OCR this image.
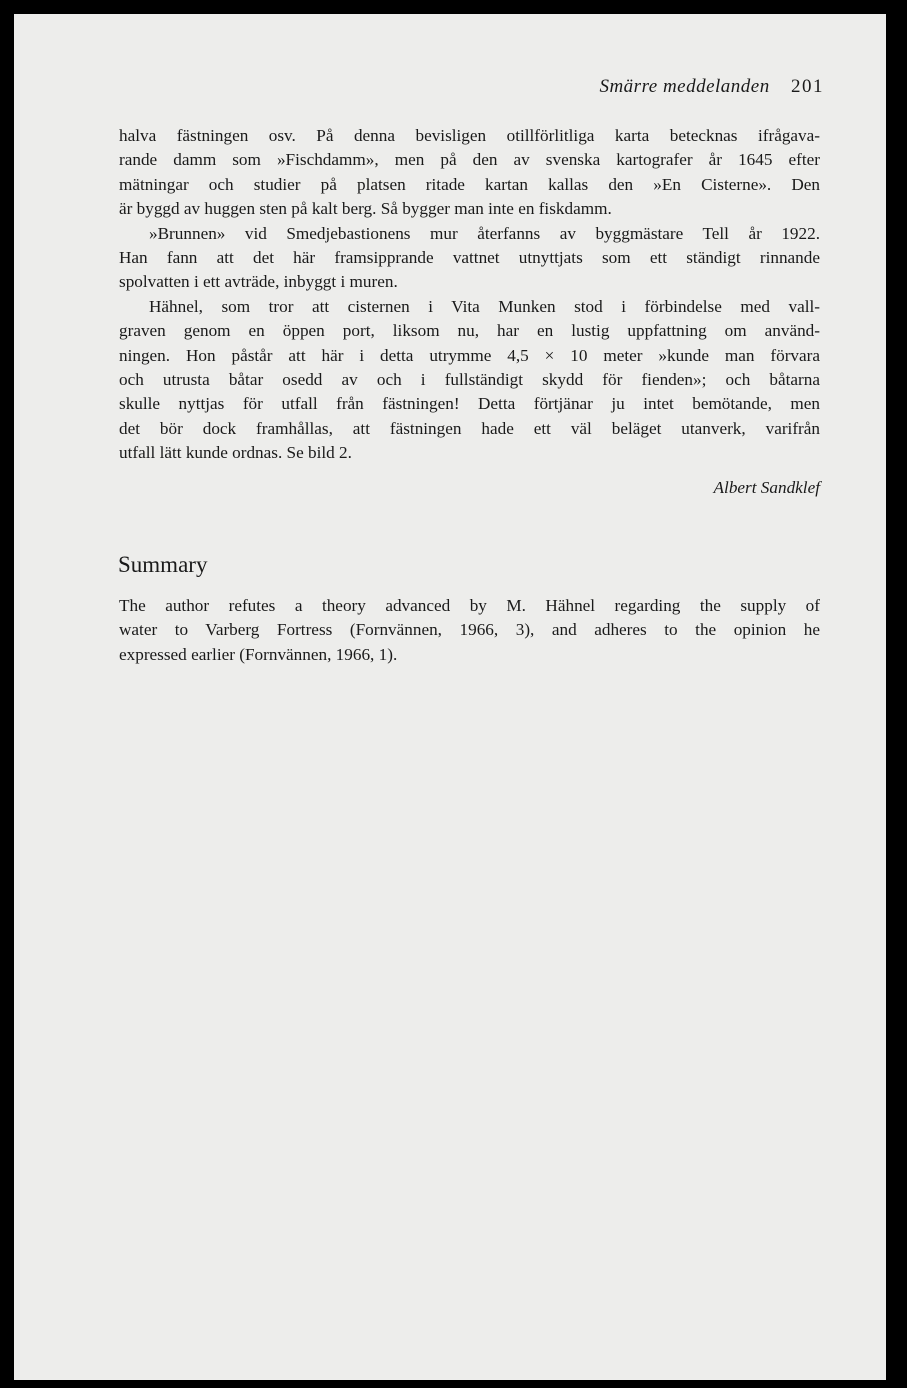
Smärre meddelanden 201

halva fästningen osv. På denna bevisligen otillförlitliga karta betecknas ifrågava-
rande damm som »Fischdamm», men på den av svenska kartografer år 1645 efter
mätningar och studier på platsen ritade kartan kallas den »En Cisterne». Den
är byggd av huggen sten på kalt berg. Så bygger man inte en fiskdamm.

»Brunnen» vid Smedjebastionens mur återfanns av byggmästare Tell år 1922.
Han fann att det här framsipprande vattnet utnyttjats som ett ständigt rinnande
spolvatten i ett avträde, inbyggt i muren.

Hähnel, som tror att cisternen i Vita Munken stod i förbindelse med vall-
graven genom en öppen port, liksom nu, har en lustig uppfattning om använd-
ningen. Hon påstår att här i detta utrymme 4,5 × 10 meter »kunde man förvara
och utrusta båtar osedd av och i fullständigt skydd för fienden»; och båtarna
skulle nyttjas för utfall från fästningen! Detta förtjänar ju intet bemötande, men
det bör dock framhållas, att fästningen hade ett väl beläget utanverk, varifrån
utfall lätt kunde ordnas. Se bild 2.

Albert Sandklef

Summary

The author refutes a theory advanced by M. Hähnel regarding the supply of
water to Varberg Fortress (Fornvännen, 1966, 3), and adheres to the opinion he
expressed earlier (Fornvännen, 1966, 1).
